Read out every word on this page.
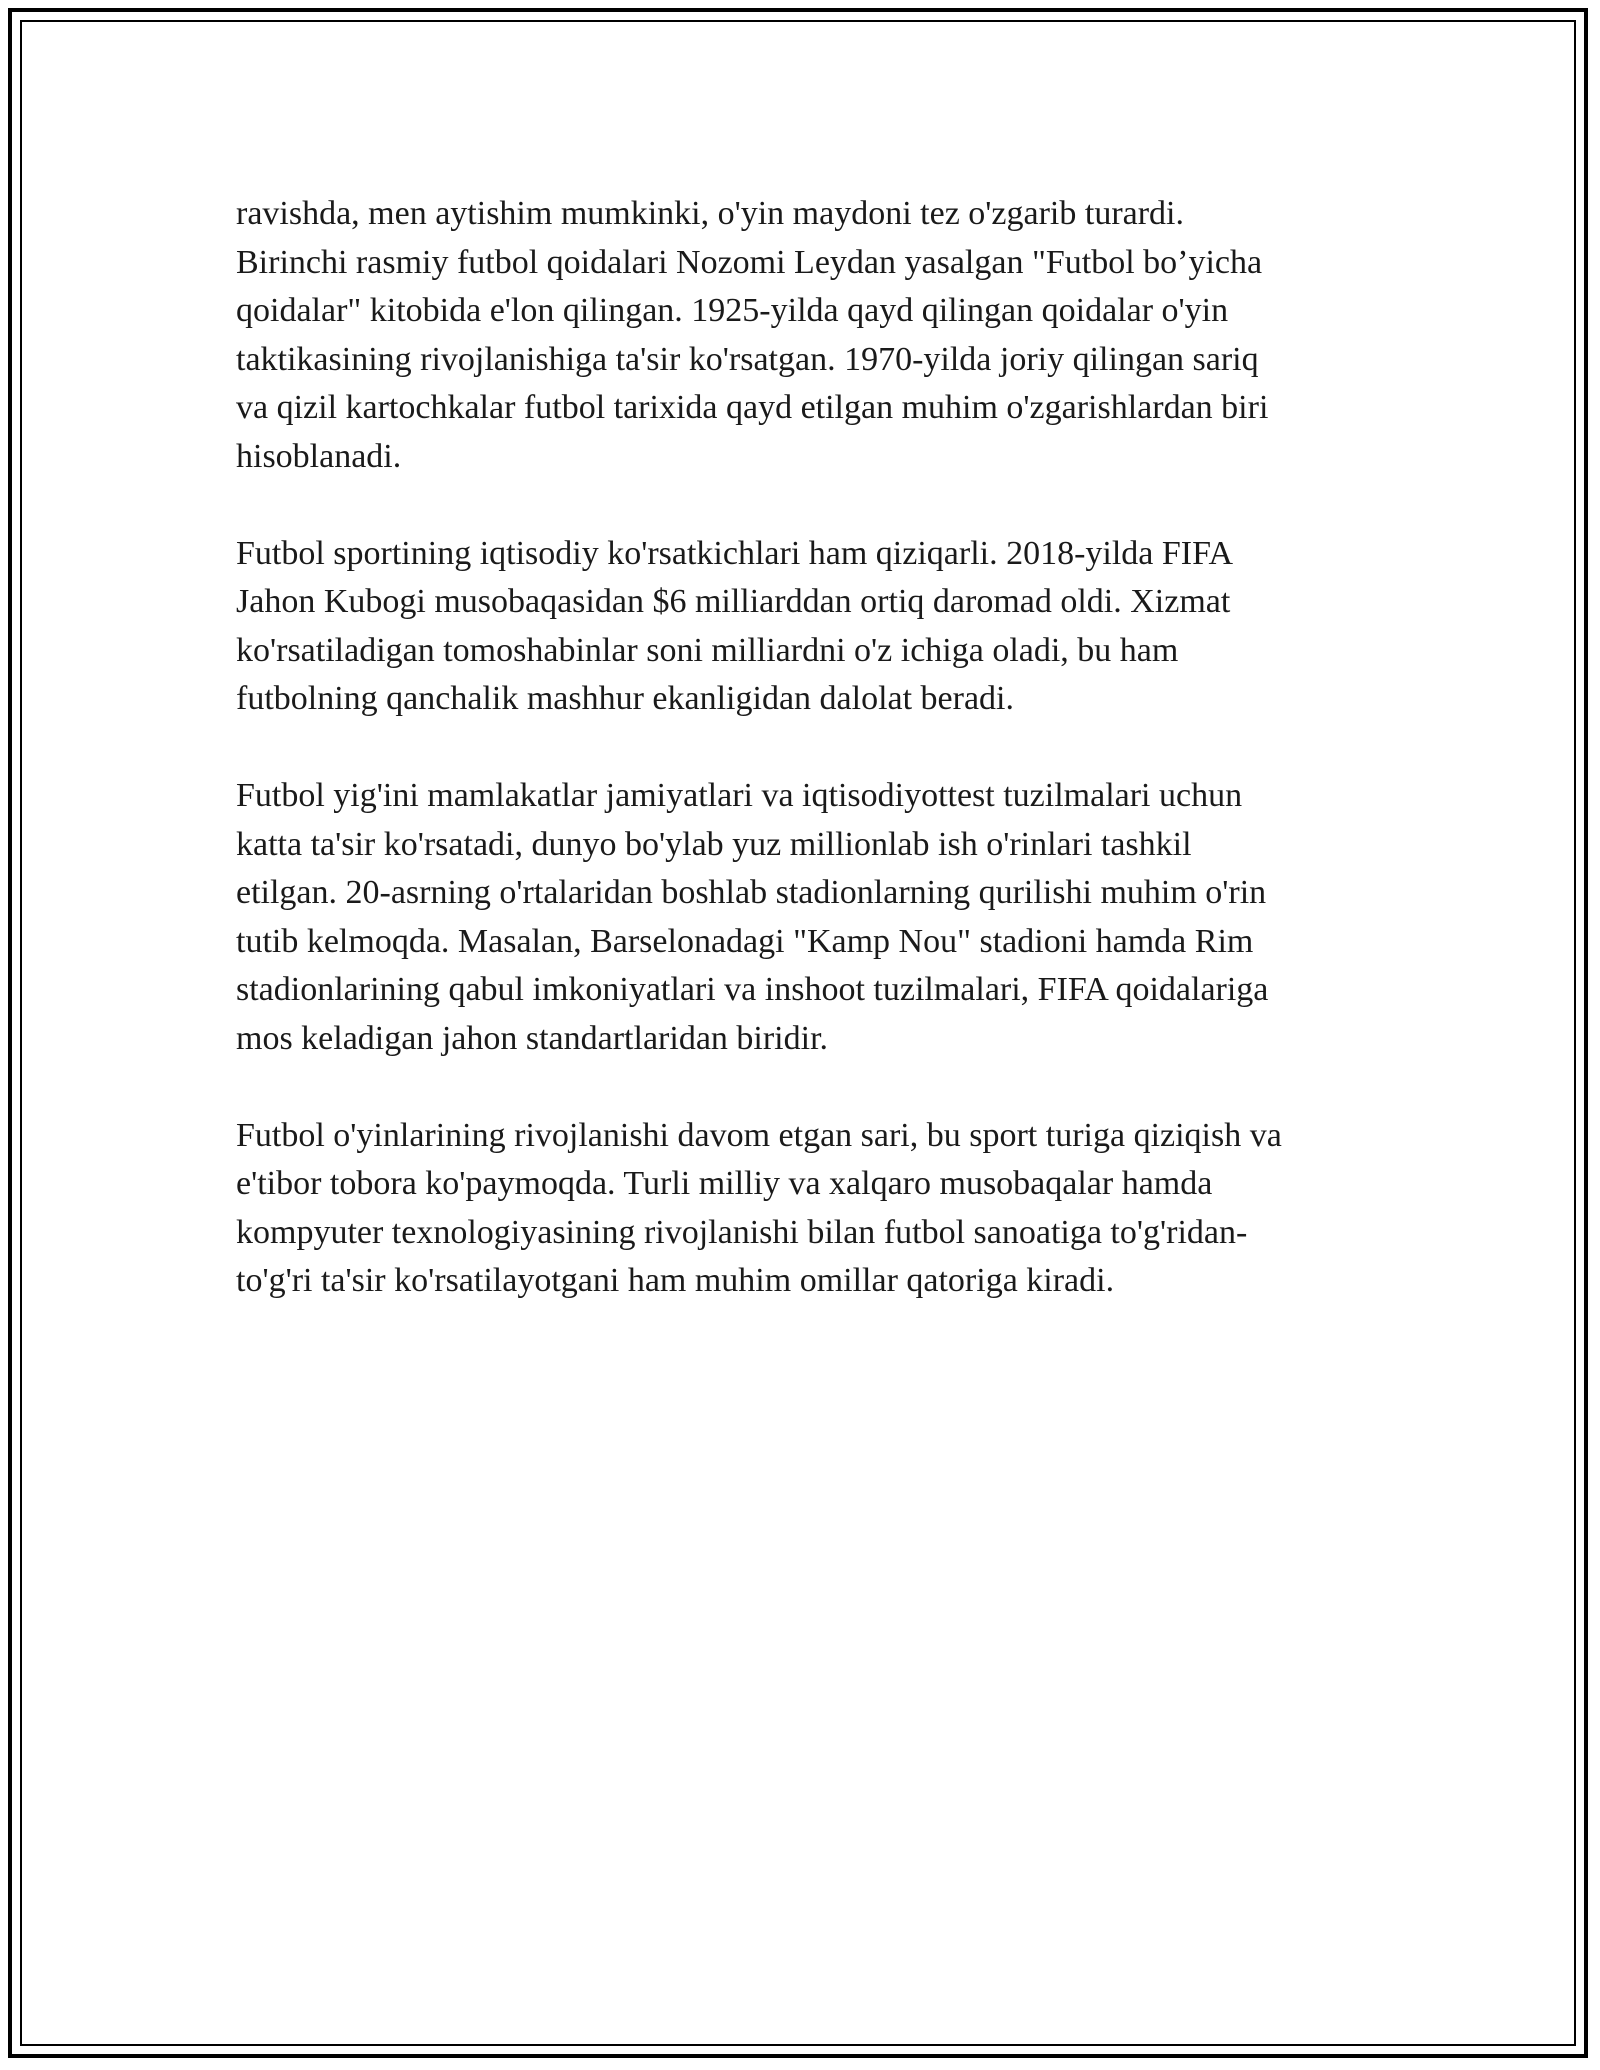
ravishda, men aytishim mumkinki, o'yin maydoni tez o'zgarib turardi.
Birinchi rasmiy futbol qoidalari Nozomi Leydan yasalgan "Futbol bo’yicha
qoidalar" kitobida e'lon qilingan. 1925-yilda qayd qilingan qoidalar o'yin
taktikasining rivojlanishiga ta'sir ko'rsatgan. 1970-yilda joriy qilingan sariq
va qizil kartochkalar futbol tarixida qayd etilgan muhim o'zgarishlardan biri
hisoblanadi.

Futbol sportining iqtisodiy ko'rsatkichlari ham qiziqarli. 2018-yilda FIFA
Jahon Kubogi musobaqasidan $6 milliarddan ortiq daromad oldi. Xizmat
ko'rsatiladigan tomoshabinlar soni milliardni o'z ichiga oladi, bu ham
futbolning qanchalik mashhur ekanligidan dalolat beradi.

Futbol yig'ini mamlakatlar jamiyatlari va iqtisodiyottest tuzilmalari uchun
katta ta'sir ko'rsatadi, dunyo bo'ylab yuz millionlab ish o'rinlari tashkil
etilgan. 20-asrning o'rtalaridan boshlab stadionlarning qurilishi muhim o'rin
tutib kelmoqda. Masalan, Barselonadagi "Kamp Nou" stadioni hamda Rim
stadionlarining qabul imkoniyatlari va inshoot tuzilmalari, FIFA qoidalariga
mos keladigan jahon standartlaridan biridir.

Futbol o'yinlarining rivojlanishi davom etgan sari, bu sport turiga qiziqish va
e'tibor tobora ko'paymoqda. Turli milliy va xalqaro musobaqalar hamda
kompyuter texnologiyasining rivojlanishi bilan futbol sanoatiga to'g'ridan-
to'g'ri ta'sir ko'rsatilayotgani ham muhim omillar qatoriga kiradi.
